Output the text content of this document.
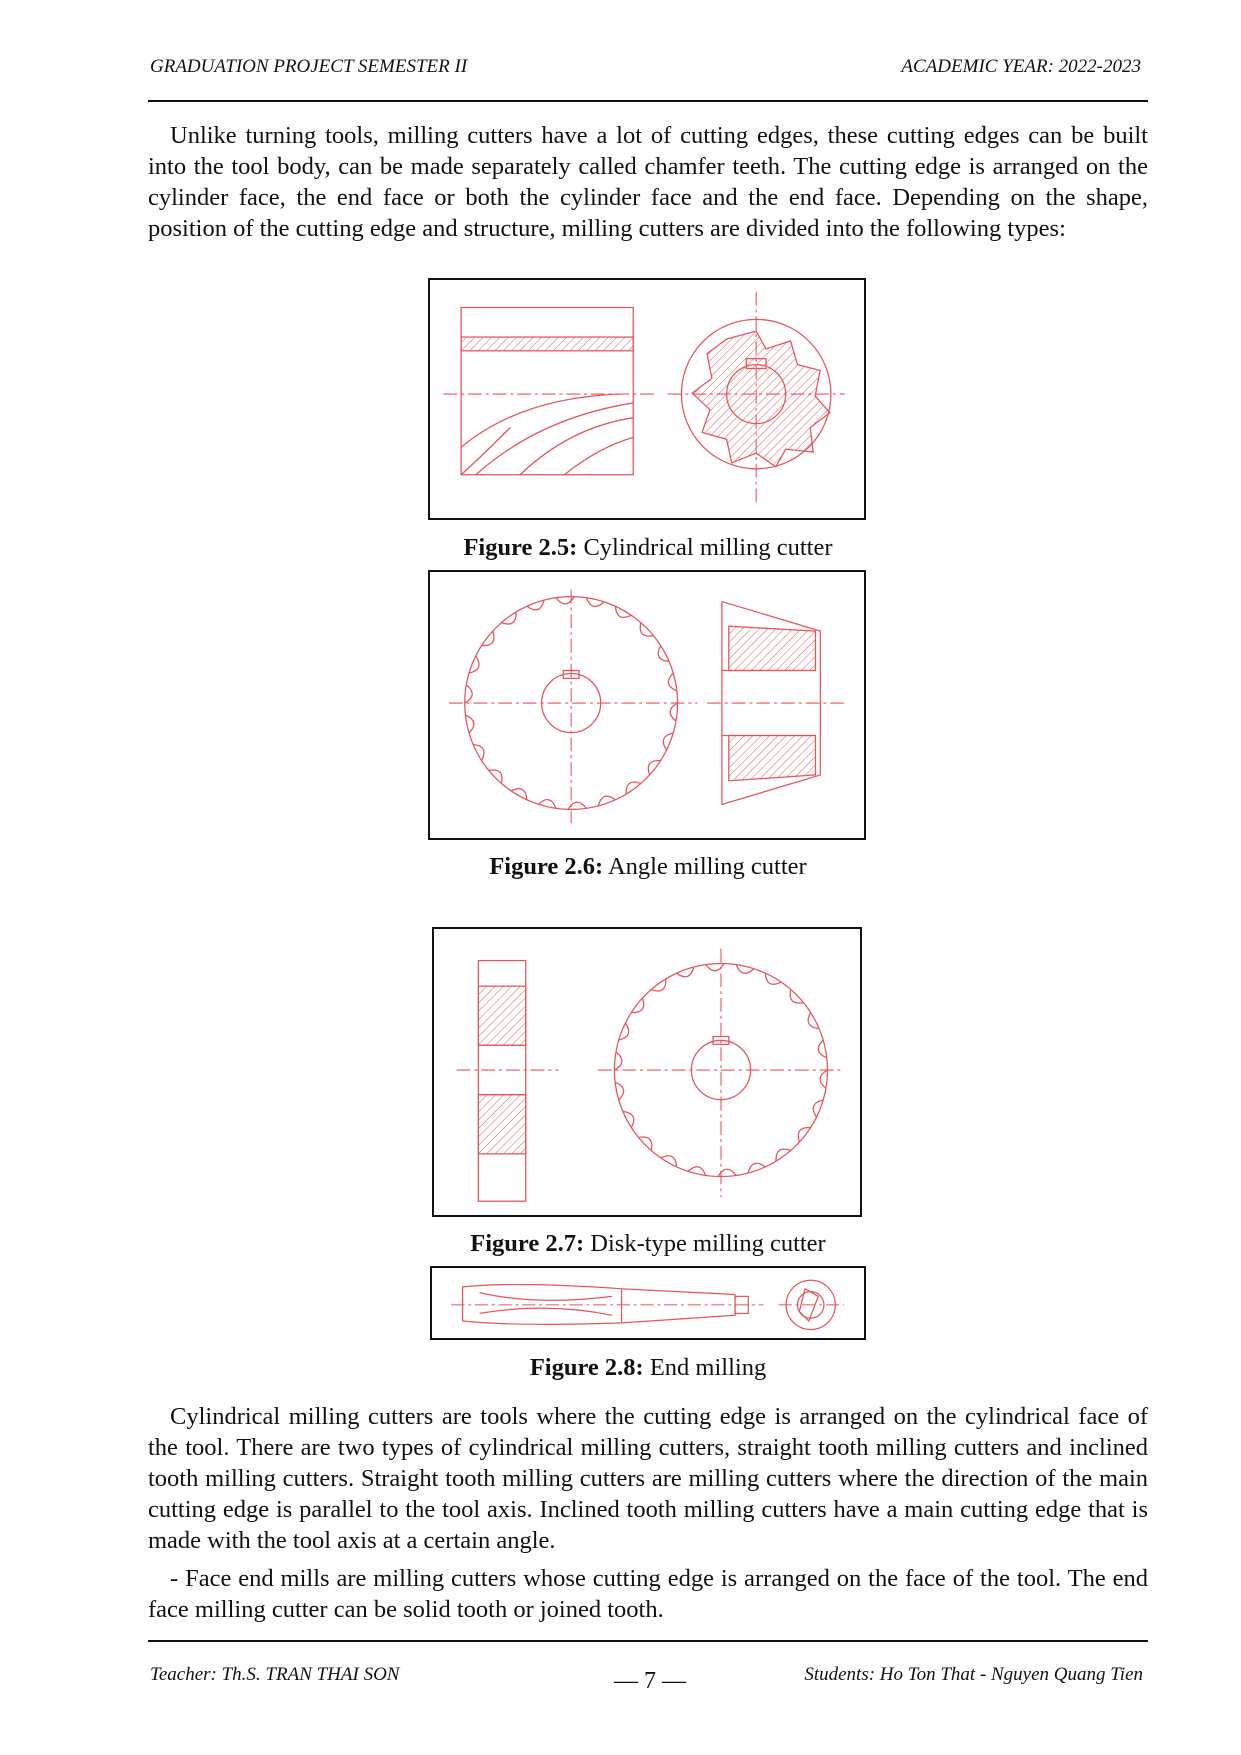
GRADUATION PROJECT SEMESTER II	ACADEMIC YEAR: 2022-2023
Unlike turning tools, milling cutters have a lot of cutting edges, these cutting edges can be built into the tool body, can be made separately called chamfer teeth. The cutting edge is arranged on the cylinder face, the end face or both the cylinder face and the end face. Depending on the shape, position of the cutting edge and structure, milling cutters are divided into the following types:
Figure 2.5: Cylindrical milling cutter
Figure 2.6: Angle milling cutter
Figure 2.7: Disk-type milling cutter
Figure 2.8: End milling
Cylindrical milling cutters are tools where the cutting edge is arranged on the cylindrical face of the tool. There are two types of cylindrical milling cutters, straight tooth milling cutters and inclined tooth milling cutters. Straight tooth milling cutters are milling cutters where the direction of the main cutting edge is parallel to the tool axis. Inclined tooth milling cutters have a main cutting edge that is made with the tool axis at a certain angle.
- Face end mills are milling cutters whose cutting edge is arranged on the face of the tool. The end face milling cutter can be solid tooth or joined tooth.
Teacher: Th.S. TRAN THAI SON	— 7 —	Students: Ho Ton That - Nguyen Quang Tien
